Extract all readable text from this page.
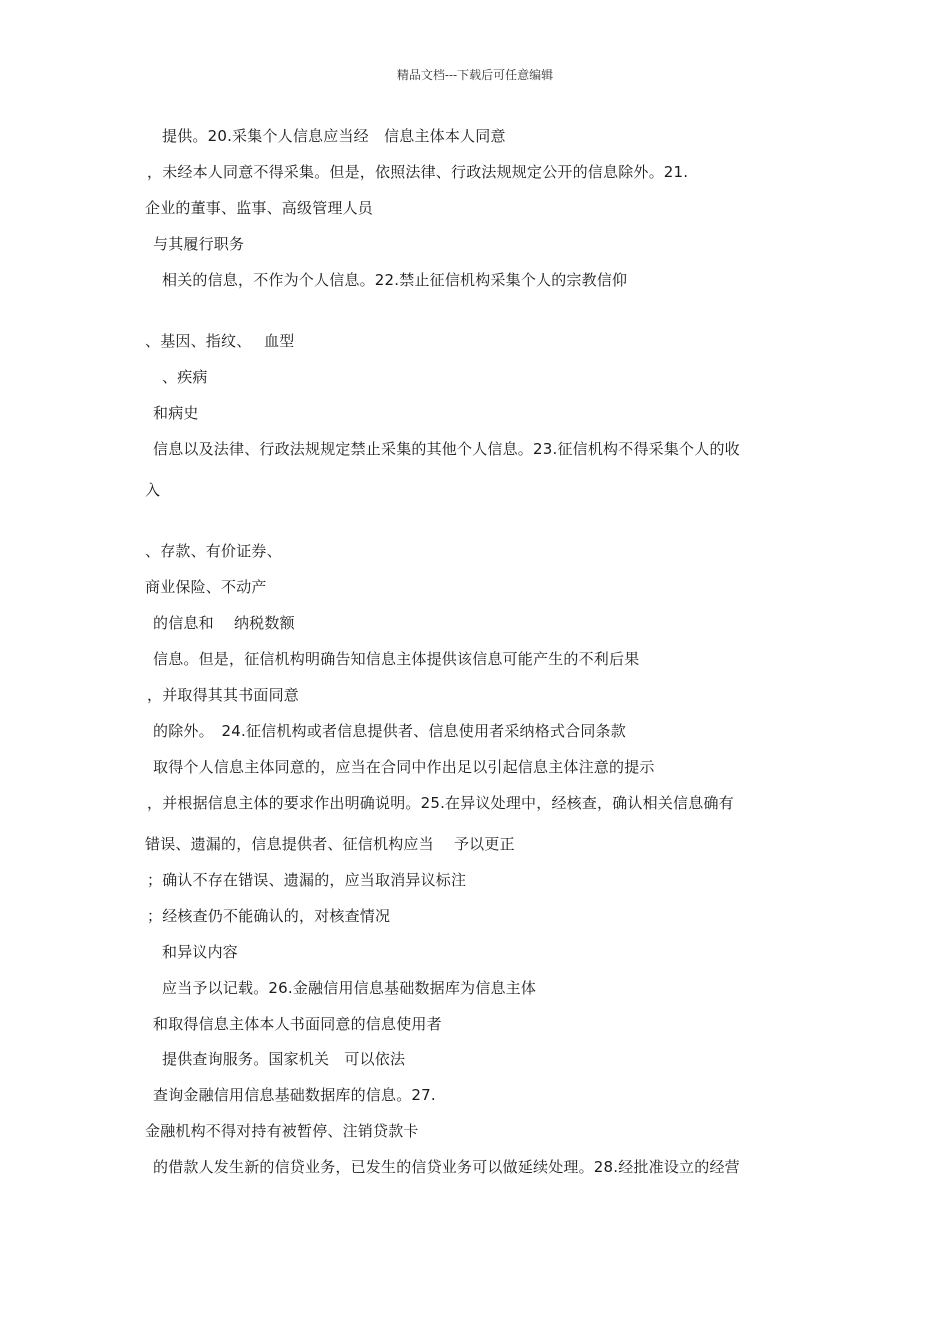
精品文档---下载后可任意编辑
提供。20.采集个人信息应当经　信息主体本人同意
，未经本人同意不得采集。但是，依照法律、行政法规规定公开的信息除外。21.
企业的董事、监事、高级管理人员
与其履行职务
相关的信息，不作为个人信息。22.禁止征信机构采集个人的宗教信仰
、基因、指纹、　 血型
、疾病
和病史
信息以及法律、行政法规规定禁止采集的其他个人信息。23.征信机构不得采集个人的收
入
、存款、有价证券、
商业保险、不动产
的信息和　 纳税数额
信息。但是，征信机构明确告知信息主体提供该信息可能产生的不利后果
，并取得其其书面同意
的除外。　24.征信机构或者信息提供者、信息使用者采纳格式合同条款
取得个人信息主体同意的，应当在合同中作出足以引起信息主体注意的提示
，并根据信息主体的要求作出明确说明。25.在异议处理中，经核查，确认相关信息确有
错误、遗漏的，信息提供者、征信机构应当　 予以更正
；确认不存在错误、遗漏的，应当取消异议标注
；经核查仍不能确认的，对核查情况
和异议内容
应当予以记载。26.金融信用信息基础数据库为信息主体
和取得信息主体本人书面同意的信息使用者
提供查询服务。国家机关　可以依法
查询金融信用信息基础数据库的信息。27.
金融机构不得对持有被暂停、注销贷款卡
的借款人发生新的信贷业务，已发生的信贷业务可以做延续处理。28.经批准设立的经营
